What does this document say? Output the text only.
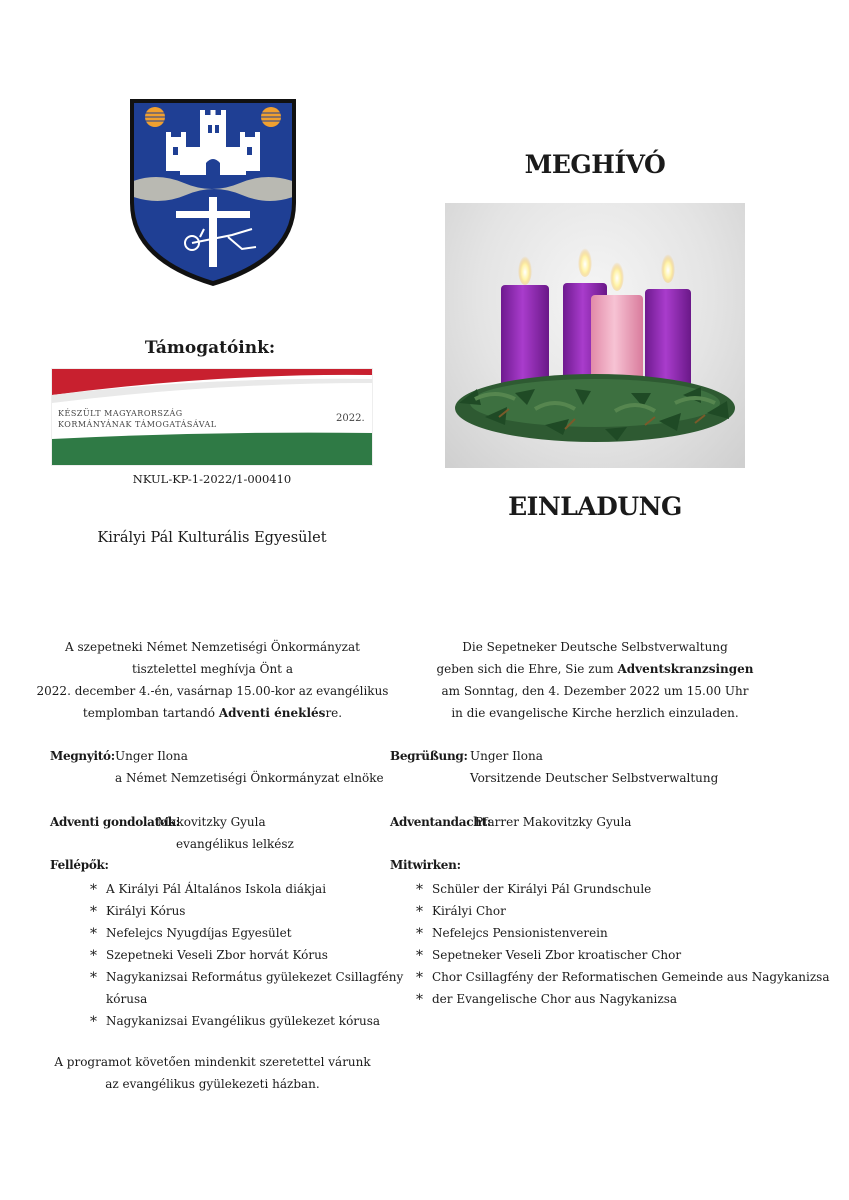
Támogatóink:
KÉSZÜLT MAGYARORSZÁG
KORMÁNYÁNAK TÁMOGATÁSÁVAL
2022.
NKUL-KP-1-2022/1-000410
Királyi Pál Kulturális Egyesület
A szepetneki Német Nemzetiségi Önkormányzat
tisztelettel meghívja Önt a
2022. december 4.-én, vasárnap 15.00-kor az evangélikus
templomban tartandó Adventi éneklésre.
Megnyitó: Unger Ilona
a Német Nemzetiségi Önkormányzat elnöke
Adventi gondolatok:
Makovitzky Gyula
evangélikus lelkész
Fellépők:
* A Királyi Pál Általános Iskola diákjai
* Királyi Kórus
* Nefelejcs Nyugdíjas Egyesület
* Szepetneki Veseli Zbor horvát Kórus
* Nagykanizsai Református gyülekezet Csillagfény
kórusa
* Nagykanizsai Evangélikus gyülekezet kórusa
A programot követően mindenkit szeretettel várunk
az evangélikus gyülekezeti házban.
MEGHÍVÓ
EINLADUNG
Die Sepetneker Deutsche Selbstverwaltung
geben sich die Ehre, Sie zum Adventskranzsingen
am Sonntag, den 4. Dezember 2022 um 15.00 Uhr
in die evangelische Kirche herzlich einzuladen.
Begrüßung: Unger Ilona
Vorsitzende Deutscher Selbstverwaltung
Adventandacht:
Pfarrer Makovitzky Gyula
Mitwirken:
* Schüler der Királyi Pál Grundschule
* Királyi Chor
* Nefelejcs Pensionistenverein
* Sepetneker Veseli Zbor kroatischer Chor
* Chor Csillagfény der Reformatischen Gemeinde aus Nagykanizsa
* der Evangelische Chor aus Nagykanizsa
